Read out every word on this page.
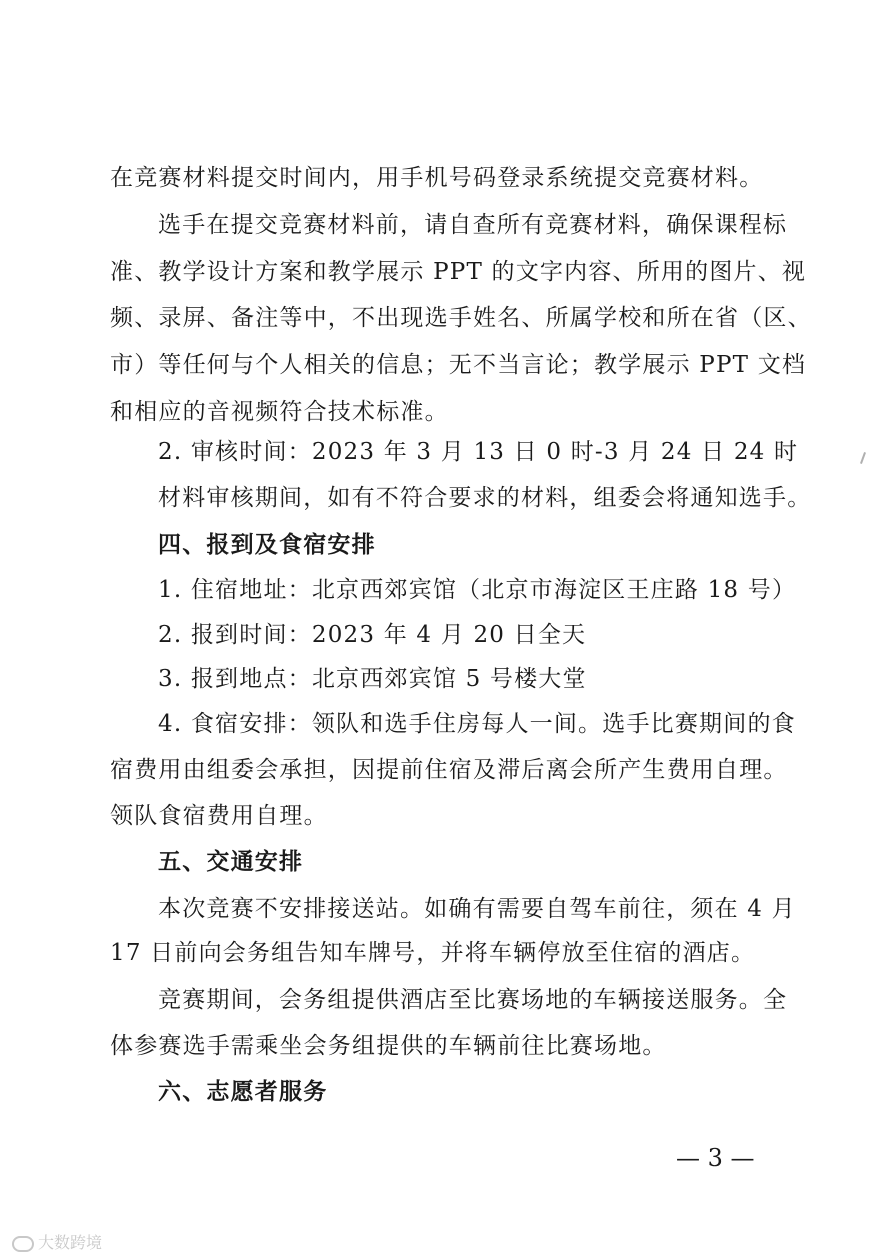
在竞赛材料提交时间内，用手机号码登录系统提交竞赛材料。
选手在提交竞赛材料前，请自查所有竞赛材料，确保课程标
准、教学设计方案和教学展示 PPT 的文字内容、所用的图片、视
频、录屏、备注等中，不出现选手姓名、所属学校和所在省（区、
市）等任何与个人相关的信息；无不当言论；教学展示 PPT 文档
和相应的音视频符合技术标准。
2. 审核时间：2023 年 3 月 13 日 0 时-3 月 24 日 24 时
材料审核期间，如有不符合要求的材料，组委会将通知选手。
四、报到及食宿安排
1. 住宿地址：北京西郊宾馆（北京市海淀区王庄路 18 号）
2. 报到时间：2023 年 4 月 20 日全天
3. 报到地点：北京西郊宾馆 5 号楼大堂
4. 食宿安排：领队和选手住房每人一间。选手比赛期间的食
宿费用由组委会承担，因提前住宿及滞后离会所产生费用自理。
领队食宿费用自理。
五、交通安排
本次竞赛不安排接送站。如确有需要自驾车前往，须在 4 月
17 日前向会务组告知车牌号，并将车辆停放至住宿的酒店。
竞赛期间，会务组提供酒店至比赛场地的车辆接送服务。全
体参赛选手需乘坐会务组提供的车辆前往比赛场地。
六、志愿者服务
— 3 —
大数跨境
